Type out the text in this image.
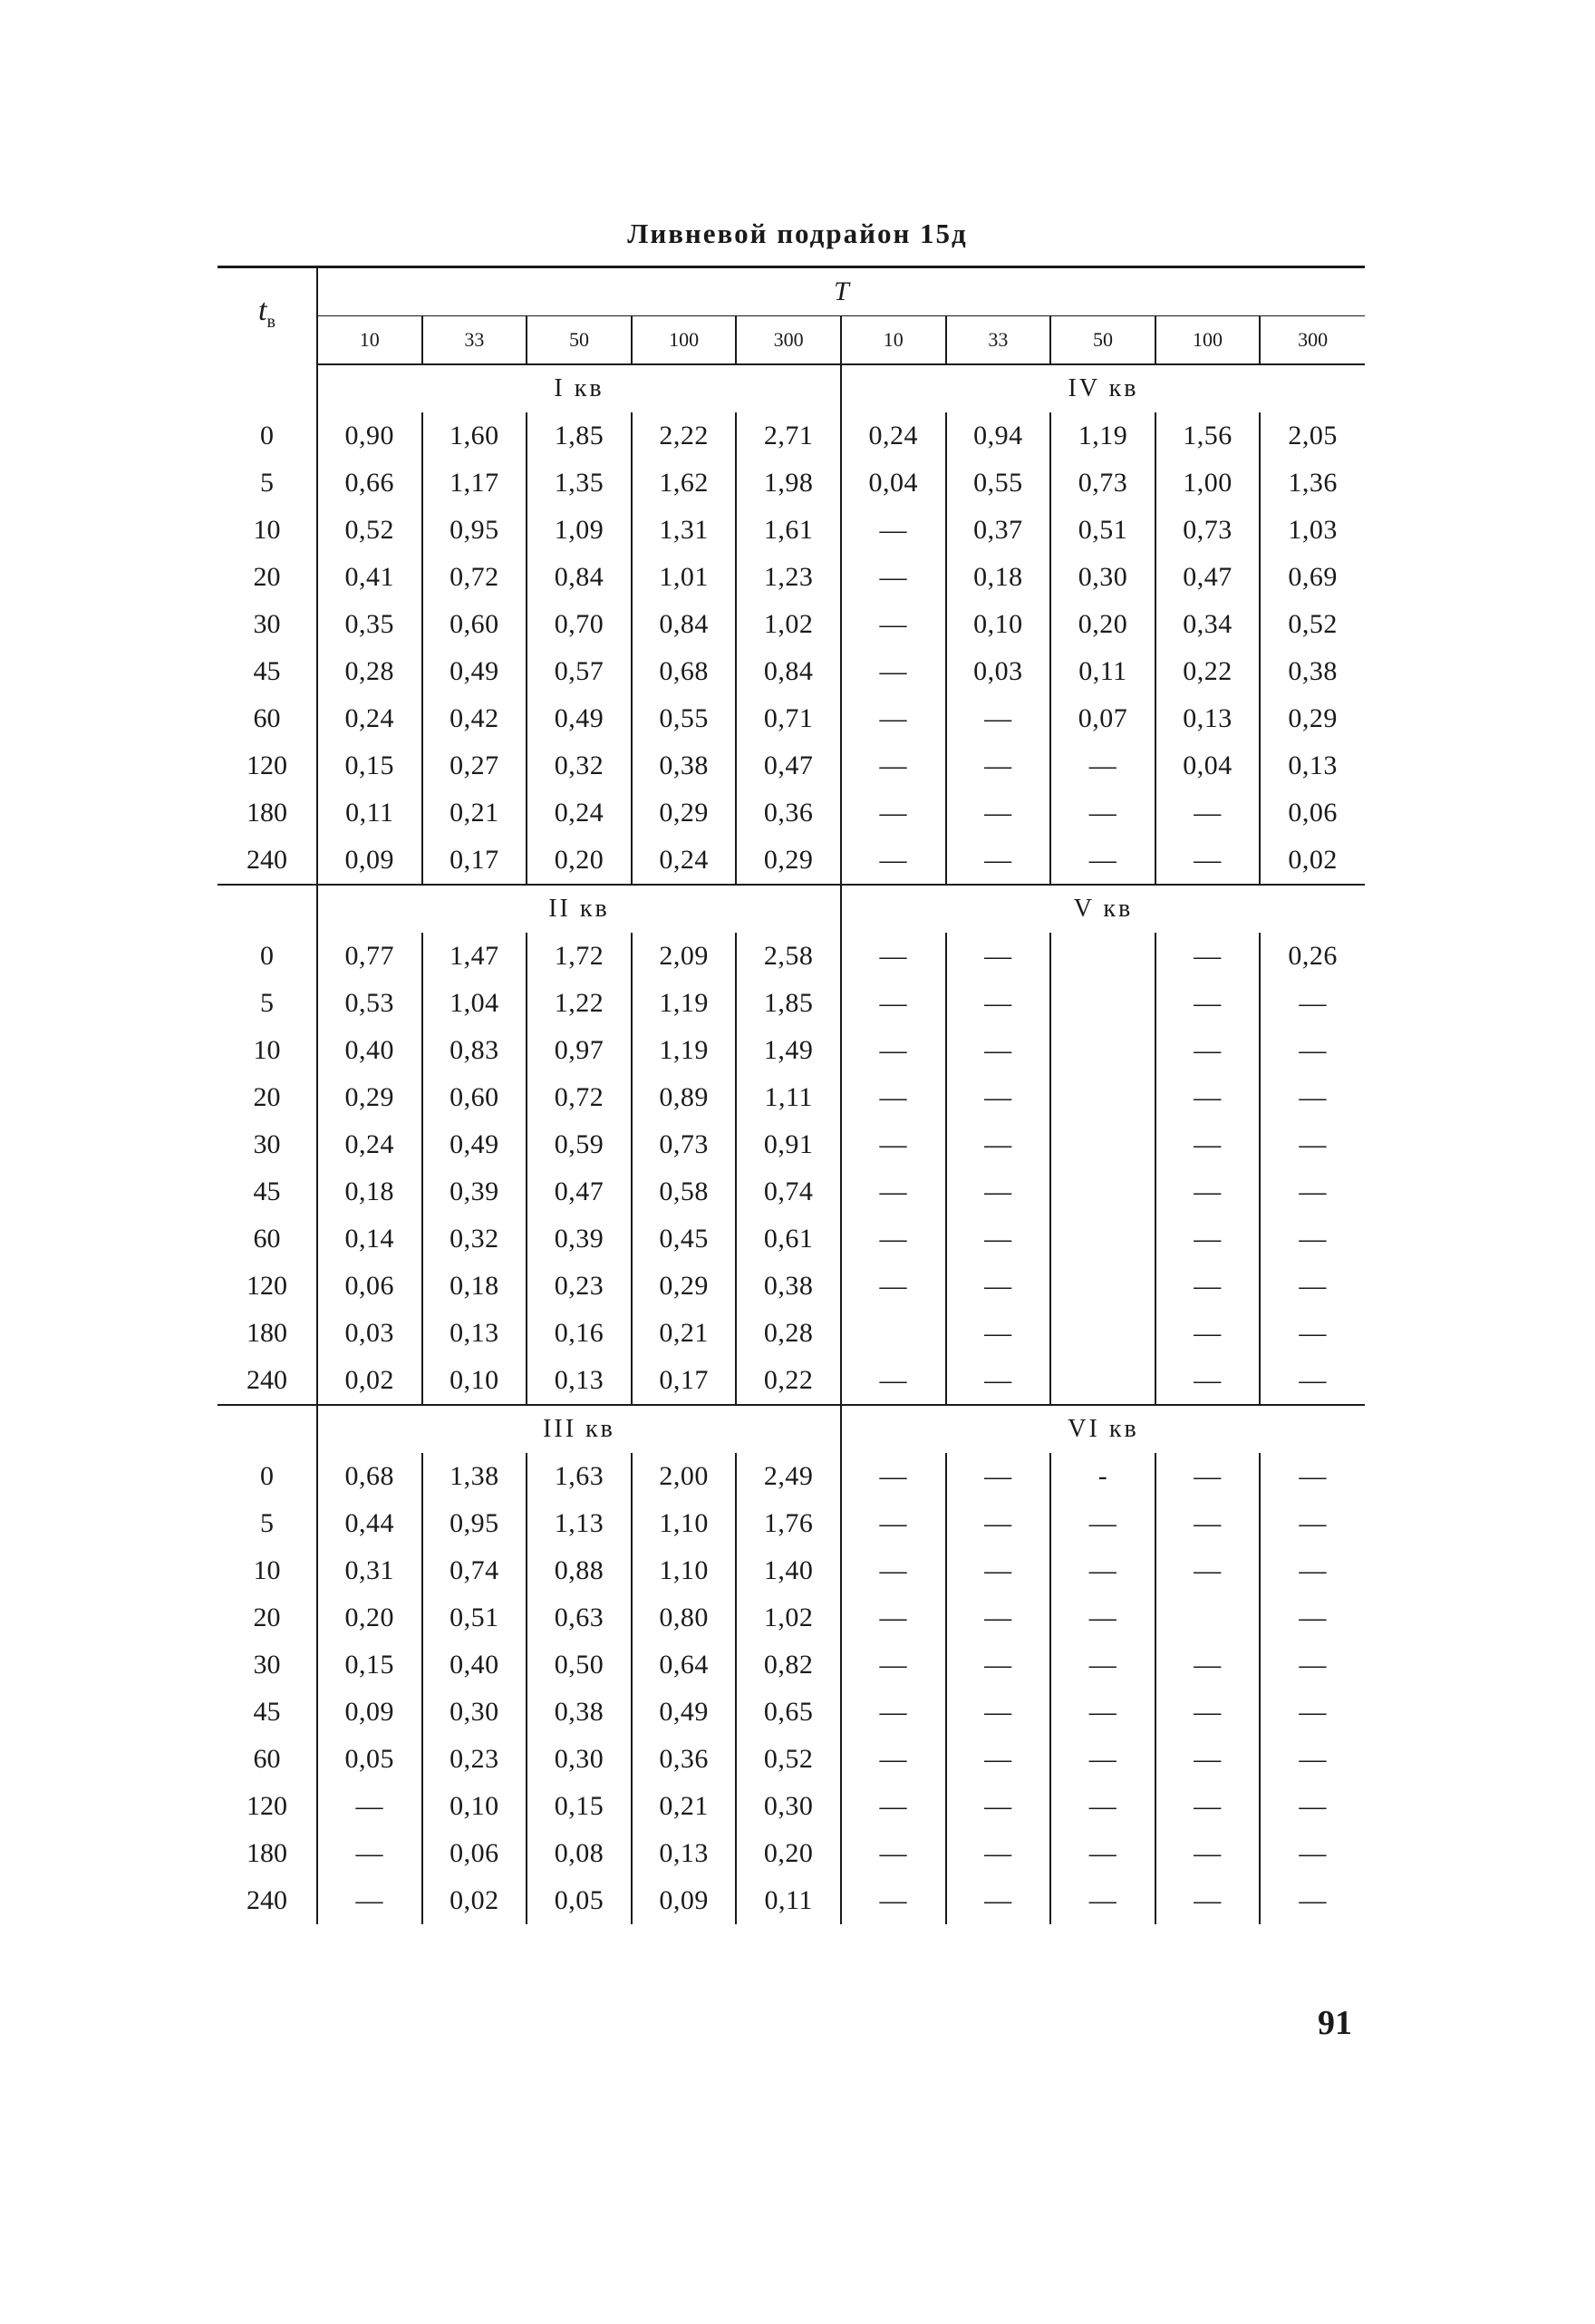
Ливневой подрайон 15д
$t_в$	T									
	10	33	50	100	300	10	33	50	100	300
	I кв					IV кв				
0	0,90	1,60	1,85	2,22	2,71	0,24	0,94	1,19	1,56	2,05
5	0,66	1,17	1,35	1,62	1,98	0,04	0,55	0,73	1,00	1,36
10	0,52	0,95	1,09	1,31	1,61	—	0,37	0,51	0,73	1,03
20	0,41	0,72	0,84	1,01	1,23	—	0,18	0,30	0,47	0,69
30	0,35	0,60	0,70	0,84	1,02	—	0,10	0,20	0,34	0,52
45	0,28	0,49	0,57	0,68	0,84	—	0,03	0,11	0,22	0,38
60	0,24	0,42	0,49	0,55	0,71	—	—	0,07	0,13	0,29
120	0,15	0,27	0,32	0,38	0,47	—	—	—	0,04	0,13
180	0,11	0,21	0,24	0,29	0,36	—	—	—	—	0,06
240	0,09	0,17	0,20	0,24	0,29	—	—	—	—	0,02
	II кв					V кв				
0	0,77	1,47	1,72	2,09	2,58	—	—		—	0,26
5	0,53	1,04	1,22	1,19	1,85	—	—		—	—
10	0,40	0,83	0,97	1,19	1,49	—	—		—	—
20	0,29	0,60	0,72	0,89	1,11	—	—		—	—
30	0,24	0,49	0,59	0,73	0,91	—	—		—	—
45	0,18	0,39	0,47	0,58	0,74	—	—		—	—
60	0,14	0,32	0,39	0,45	0,61	—	—		—	—
120	0,06	0,18	0,23	0,29	0,38	—	—		—	—
180	0,03	0,13	0,16	0,21	0,28		—		—	—
240	0,02	0,10	0,13	0,17	0,22	—	—		—	—
	III кв					VI кв				
0	0,68	1,38	1,63	2,00	2,49	—	—	-	—	—
5	0,44	0,95	1,13	1,10	1,76	—	—	—	—	—
10	0,31	0,74	0,88	1,10	1,40	—	—	—	—	—
20	0,20	0,51	0,63	0,80	1,02	—	—	—		—
30	0,15	0,40	0,50	0,64	0,82	—	—	—	—	—
45	0,09	0,30	0,38	0,49	0,65	—	—	—	—	—
60	0,05	0,23	0,30	0,36	0,52	—	—	—	—	—
120	—	0,10	0,15	0,21	0,30	—	—	—	—	—
180	—	0,06	0,08	0,13	0,20	—	—	—	—	—
240	—	0,02	0,05	0,09	0,11	—	—	—	—	—
91
